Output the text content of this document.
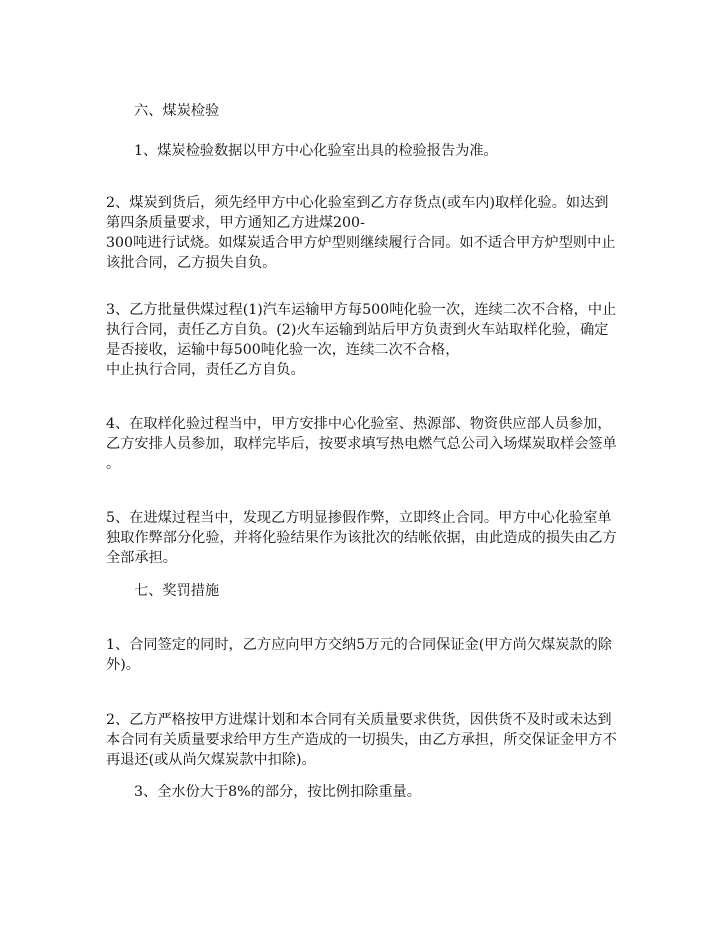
六、煤炭检验
1、煤炭检验数据以甲方中心化验室出具的检验报告为准。
2、煤炭到货后，须先经甲方中心化验室到乙方存货点(或车内)取样化验。如达到
第四条质量要求，甲方通知乙方进煤200-
300吨进行试烧。如煤炭适合甲方炉型则继续履行合同。如不适合甲方炉型则中止
该批合同，乙方损失自负。
3、乙方批量供煤过程(1)汽车运输甲方每500吨化验一次，连续二次不合格，中止
执行合同，责任乙方自负。(2)火车运输到站后甲方负责到火车站取样化验，确定
是否接收，运输中每500吨化验一次，连续二次不合格，
中止执行合同，责任乙方自负。
4、在取样化验过程当中，甲方安排中心化验室、热源部、物资供应部人员参加，
乙方安排人员参加，取样完毕后，按要求填写热电燃气总公司入场煤炭取样会签单
。
5、在进煤过程当中，发现乙方明显掺假作弊，立即终止合同。甲方中心化验室单
独取作弊部分化验，并将化验结果作为该批次的结帐依据，由此造成的损失由乙方
全部承担。
七、奖罚措施
1、合同签定的同时，乙方应向甲方交纳5万元的合同保证金(甲方尚欠煤炭款的除
外)。
2、乙方严格按甲方进煤计划和本合同有关质量要求供货，因供货不及时或未达到
本合同有关质量要求给甲方生产造成的一切损失，由乙方承担，所交保证金甲方不
再退还(或从尚欠煤炭款中扣除)。
3、全水份大于8%的部分，按比例扣除重量。
